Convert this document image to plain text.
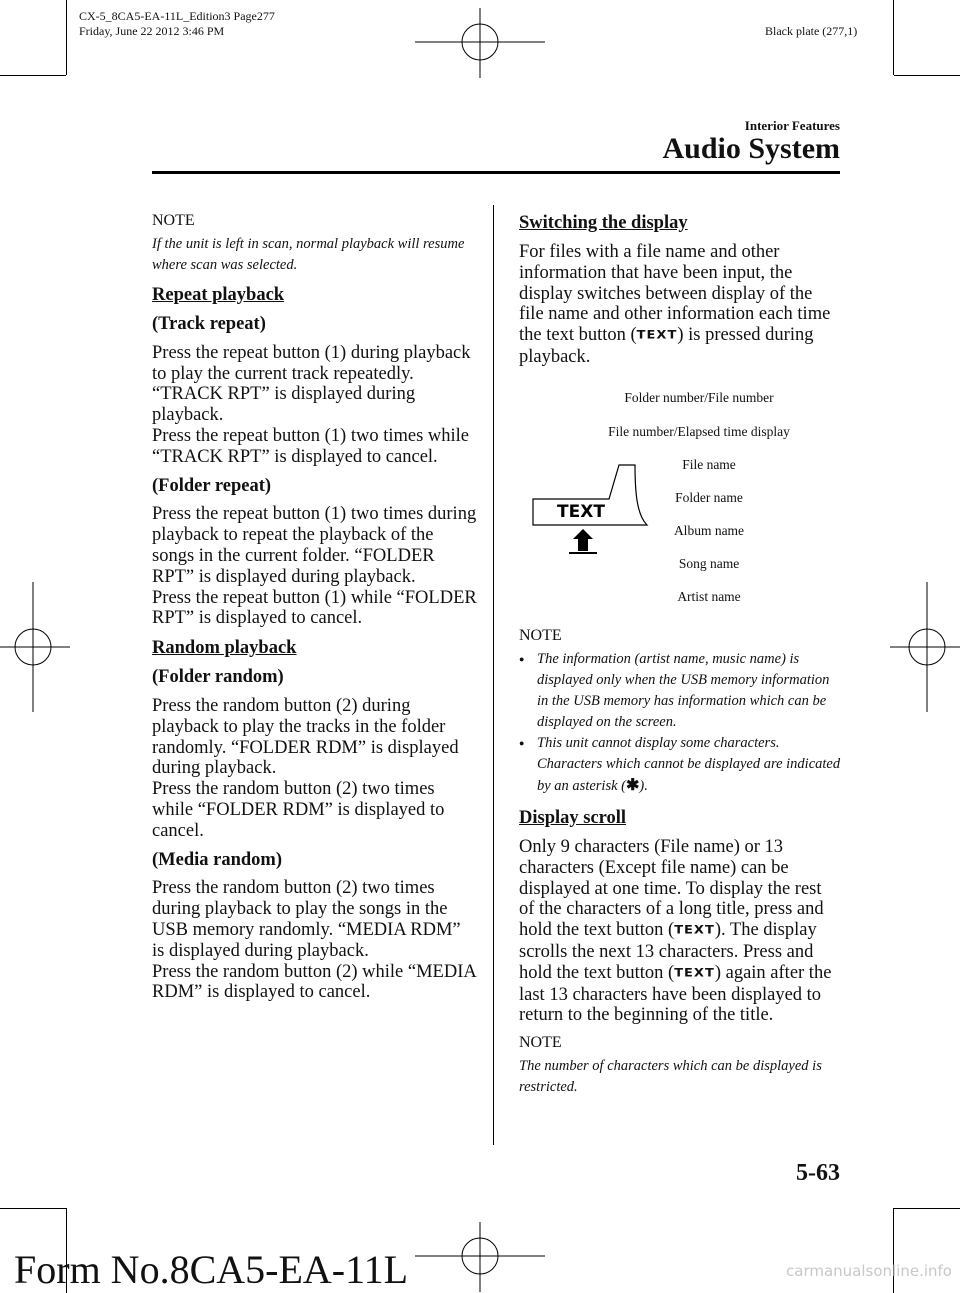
CX-5_8CA5-EA-11L_Edition3 Page277
Friday, June 22 2012 3:46 PM	Black plate (277,1)
Interior Features
Audio System
NOTE

If the unit is left in scan, normal playback will resume where scan was selected.

Repeat playback

(Track repeat)

Press the repeat button (1) during playback to play the current track repeatedly. “TRACK RPT” is displayed during playback.

Press the repeat button (1) two times while “TRACK RPT” is displayed to cancel.

(Folder repeat)

Press the repeat button (1) two times during playback to repeat the playback of the songs in the current folder. “FOLDER RPT” is displayed during playback.

Press the repeat button (1) while “FOLDER RPT” is displayed to cancel.

Random playback

(Folder random)

Press the random button (2) during playback to play the tracks in the folder randomly. “FOLDER RDM” is displayed during playback.

Press the random button (2) two times while “FOLDER RDM” is displayed to cancel.

(Media random)

Press the random button (2) two times during playback to play the songs in the USB memory randomly. “MEDIA RDM” is displayed during playback.

Press the random button (2) while “MEDIA RDM” is displayed to cancel.

Switching the display

For files with a file name and other information that have been input, the display switches between display of the file name and other information each time the text button (TEXT) is pressed during playback.

TEXT
Folder number/File number
File number/Elapsed time display
File name
Folder name
Album name
Song name
Artist name
NOTE
● The information (artist name, music name) is displayed only when the USB memory information in the USB memory has information which can be displayed on the screen.
● This unit cannot display some characters. Characters which cannot be displayed are indicated by an asterisk (✱).
Display scroll

Only 9 characters (File name) or 13 characters (Except file name) can be displayed at one time. To display the rest of the characters of a long title, press and hold the text button (TEXT). The display scrolls the next 13 characters. Press and hold the text button (TEXT) again after the last 13 characters have been displayed to return to the beginning of the title.

NOTE

The number of characters which can be displayed is restricted.

5-63
Form No.8CA5-EA-11L	carmanualsonline.info
